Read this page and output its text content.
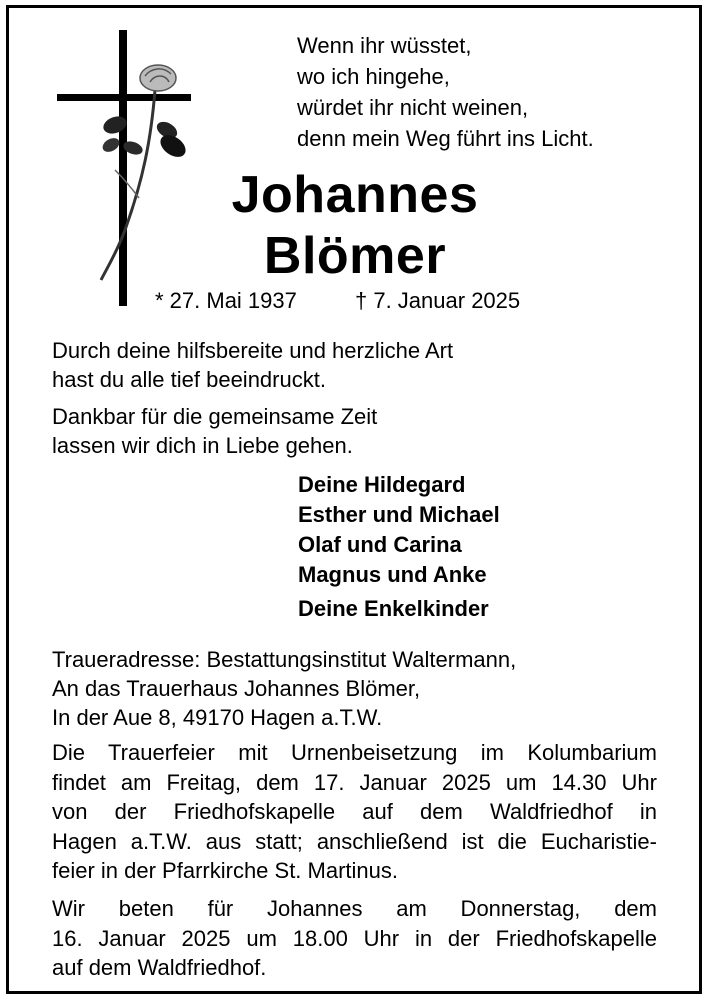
Wenn ihr wüsstet,
wo ich hingehe,
würdet ihr nicht weinen,
denn mein Weg führt ins Licht.
Johannes
Blömer
* 27. Mai 1937	† 7. Januar 2025
Durch deine hilfsbereite und herzliche Art
hast du alle tief beeindruckt.
Dankbar für die gemeinsame Zeit
lassen wir dich in Liebe gehen.
Deine Hildegard
Esther und Michael
Olaf und Carina
Magnus und Anke
Deine Enkelkinder
Traueradresse: Bestattungsinstitut Waltermann,
An das Trauerhaus Johannes Blömer,
In der Aue 8, 49170 Hagen a.T.W.
Die Trauerfeier mit Urnenbeisetzung im Kolumbarium
findet am Freitag, dem 17. Januar 2025 um 14.30 Uhr
von der Friedhofskapelle auf dem Waldfriedhof in
Hagen a.T.W. aus statt; anschließend ist die Eucharistie-
feier in der Pfarrkirche St. Martinus.
Wir beten für Johannes am Donnerstag, dem
16. Januar 2025 um 18.00 Uhr in der Friedhofskapelle
auf dem Waldfriedhof.
